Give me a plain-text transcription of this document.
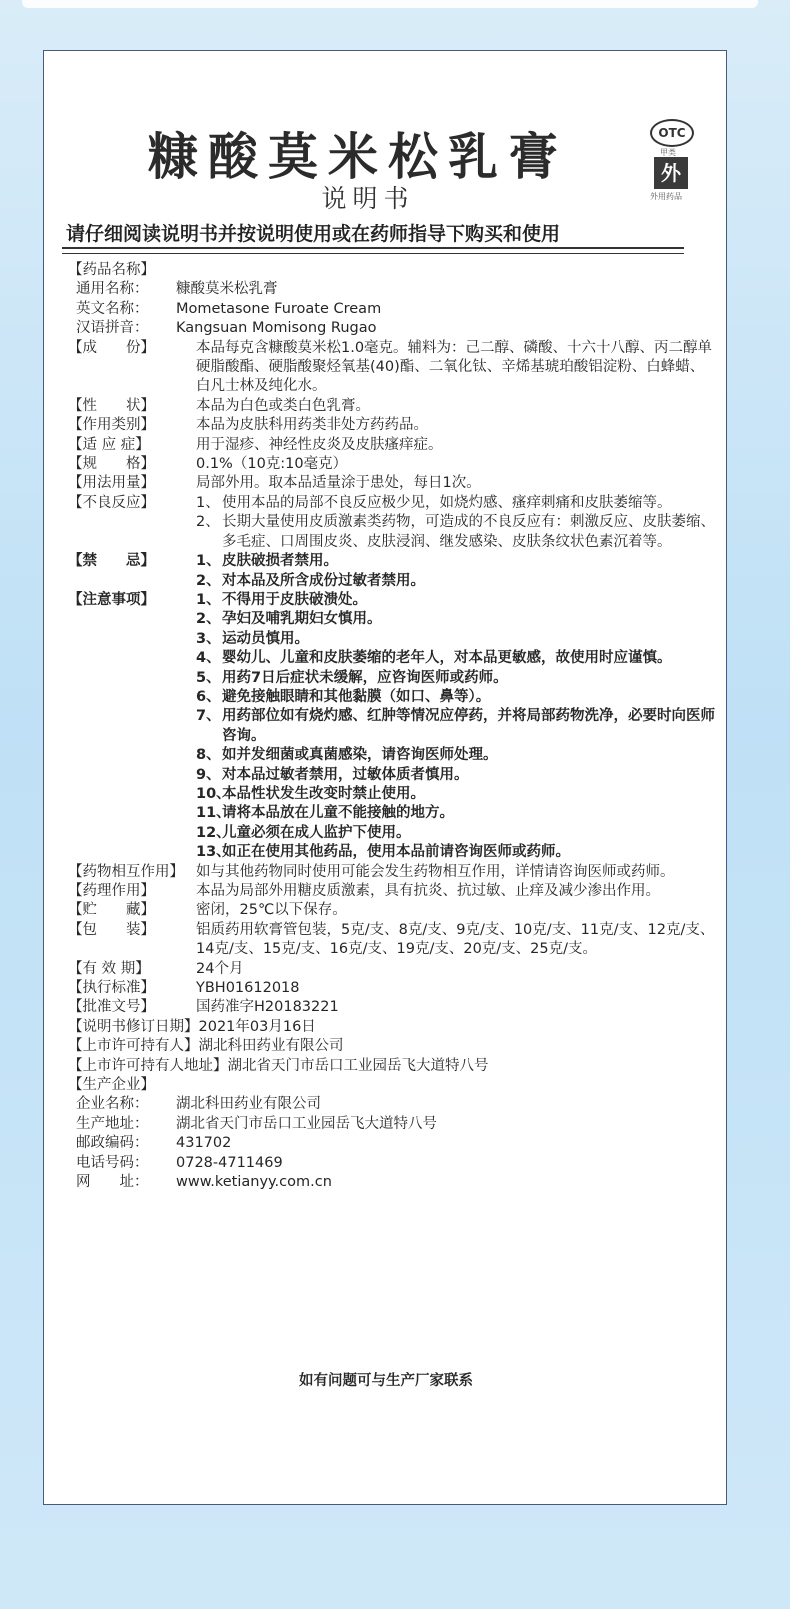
糠酸莫米松乳膏
说明书
OTC
甲类
外
外用药品
请仔细阅读说明书并按说明使用或在药师指导下购买和使用
【药品名称】
通用名称：	糠酸莫米松乳膏
英文名称：	Mometasone Furoate Cream
汉语拼音：	Kangsuan Momisong Rugao
【成　　份】	本品每克含糠酸莫米松1.0毫克。辅料为：己二醇、磷酸、十六十八醇、丙二醇单硬脂酸酯、硬脂酸聚烃氧基(40)酯、二氧化钛、辛烯基琥珀酸铝淀粉、白蜂蜡、白凡士林及纯化水。
【性　　状】	本品为白色或类白色乳膏。
【作用类别】	本品为皮肤科用药类非处方药药品。
【适 应 症】	用于湿疹、神经性皮炎及皮肤瘙痒症。
【规　　格】	0.1%（10克:10毫克）
【用法用量】	局部外用。取本品适量涂于患处，每日1次。
【不良反应】	1、 使用本品的局部不良反应极少见，如烧灼感、瘙痒刺痛和皮肤萎缩等。
2、 长期大量使用皮质激素类药物，可造成的不良反应有：刺激反应、皮肤萎缩、多毛症、口周围皮炎、皮肤浸润、继发感染、皮肤条纹状色素沉着等。
【禁　　忌】	1、 皮肤破损者禁用。
2、 对本品及所含成份过敏者禁用。
【注意事项】	1、 不得用于皮肤破溃处。
2、 孕妇及哺乳期妇女慎用。
3、 运动员慎用。
4、 婴幼儿、儿童和皮肤萎缩的老年人，对本品更敏感，故使用时应谨慎。
5、 用药7日后症状未缓解，应咨询医师或药师。
6、 避免接触眼睛和其他黏膜（如口、鼻等）。
7、 用药部位如有烧灼感、红肿等情况应停药，并将局部药物洗净，必要时向医师咨询。
8、 如并发细菌或真菌感染，请咨询医师处理。
9、 对本品过敏者禁用，过敏体质者慎用。
10、
本品性状发生改变时禁止使用。
11、
请将本品放在儿童不能接触的地方。
12、
儿童必须在成人监护下使用。
13、
如正在使用其他药品，使用本品前请咨询医师或药师。
【药物相互作用】 如与其他药物同时使用可能会发生药物相互作用，详情请咨询医师或药师。
【药理作用】	本品为局部外用糖皮质激素，具有抗炎、抗过敏、止痒及减少渗出作用。
【贮　　藏】	密闭，25℃以下保存。
【包　　装】	铝质药用软膏管包装，5克/支、8克/支、9克/支、10克/支、11克/支、12克/支、14克/支、15克/支、16克/支、19克/支、20克/支、25克/支。
【有 效 期】	24个月
【执行标准】	YBH01612018
【批准文号】	国药准字H20183221
【说明书修订日期】 2021年03月16日
【上市许可持有人】 湖北科田药业有限公司
【上市许可持有人地址】 湖北省天门市岳口工业园岳飞大道特八号
【生产企业】
企业名称：	湖北科田药业有限公司
生产地址：	湖北省天门市岳口工业园岳飞大道特八号
邮政编码：	431702
电话号码：	0728-4711469
网　　址：	www.ketianyy.com.cn
如有问题可与生产厂家联系
